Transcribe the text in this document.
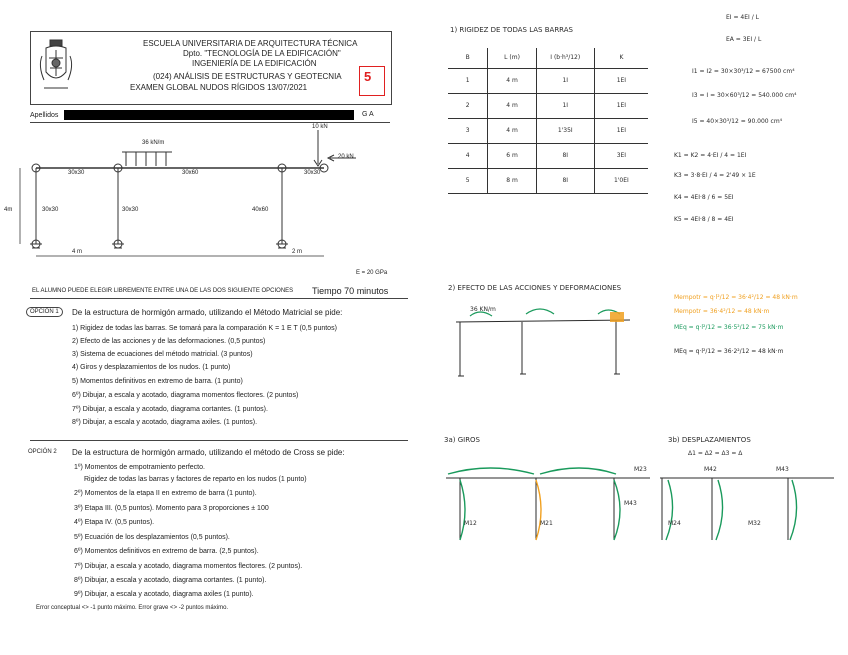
ESCUELA UNIVERSITARIA DE ARQUITECTURA TÉCNICA
Dpto. "TECNOLOGÍA DE LA EDIFICACIÓN"
INGENIERÍA DE LA EDIFICACIÓN
(024) ANÁLISIS DE ESTRUCTURAS Y GEOTECNIA
EXAMEN GLOBAL NUDOS RÍGIDOS 13/07/2021
5
Apellidos	G A
36 kN/m
10 kN
20 kN
30x30	30x60	30x30
30x30	30x30	40x60
4m
4 m	2 m
E = 20 GPa
EL ALUMNO PUEDE ELEGIR LIBREMENTE ENTRE UNA DE LAS DOS SIGUIENTE OPCIONES Tiempo 70 minutos
OPCIÓN 1	De la estructura de hormigón armado, utilizando el Método Matricial se pide:
1) Rigidez de todas las barras. Se tomará para la comparación K = 1 E T (0,5 puntos)
2) Efecto de las acciones y de las deformaciones. (0,5 puntos)
3) Sistema de ecuaciones del método matricial. (3 puntos)
4) Giros y desplazamientos de los nudos. (1 punto)
5) Momentos definitivos en extremo de barra. (1 punto)
6º) Dibujar, a escala y acotado, diagrama momentos flectores. (2 puntos)
7º) Dibujar, a escala y acotado, diagrama cortantes. (1 puntos).
8º) Dibujar, a escala y acotado, diagrama axiles. (1 puntos).
OPCIÓN 2 De la estructura de hormigón armado, utilizando el método de Cross se pide:
1º) Momentos de empotramiento perfecto.
Rigidez de todas las barras y factores de reparto en los nudos (1 punto)
2º) Momentos de la etapa II en extremo de barra (1 punto).
3º) Etapa III. (0,5 puntos). Momento para 3 proporciones ± 100
4º) Etapa IV. (0,5 puntos).
5º) Ecuación de los desplazamientos (0,5 puntos).
6º) Momentos definitivos en extremo de barra. (2,5 puntos).
7º) Dibujar, a escala y acotado, diagrama momentos flectores. (2 puntos).
8º) Dibujar, a escala y acotado, diagrama cortantes. (1 punto).
9º) Dibujar, a escala y acotado, diagrama axiles (1 punto).
Error conceptual <> -1 punto máximo. Error grave <> -2 puntos máximo.
1) RIGIDEZ DE TODAS LAS BARRAS
B	L (m)	I (b·h³/12)	K
1	4 m	1I	1EI
2	4 m	1I	1EI
3	4 m	1'35I	1EI
4	6 m	8I	3EI
5	8 m	8I	1'0EI
EI = 4EI / L
EA = 3EI / L
I1 = I2 = 30×30³/12 = 67500 cm⁴
I3 = I = 30×60³/12 = 540.000 cm⁴
I5 = 40×30³/12 = 90.000 cm⁴
K1 = K2 = 4·EI / 4 = 1EI
K3 = 3·8·EI / 4 = 2'49 × 1E
K4 = 4EI·8 / 6 = 5EI
K5 = 4EI·8 / 8 = 4EI
2) EFECTO DE LAS ACCIONES Y DEFORMACIONES
36 KN/m
Mempotr = q·l²/12 = 36·4²/12 = 48 kN·m
Mempotr = 36·4²/12 = 48 kN·m
MEq = q·l²/12 = 36·5²/12 = 75 kN·m
MEq = q·l²/12 = 36·2²/12 = 48 kN·m
3a) GIROS	3b) DESPLAZAMIENTOS
Δ1 = Δ2 = Δ3 = Δ
M12
M43
M21	M32
M24
M23	M42	M43
